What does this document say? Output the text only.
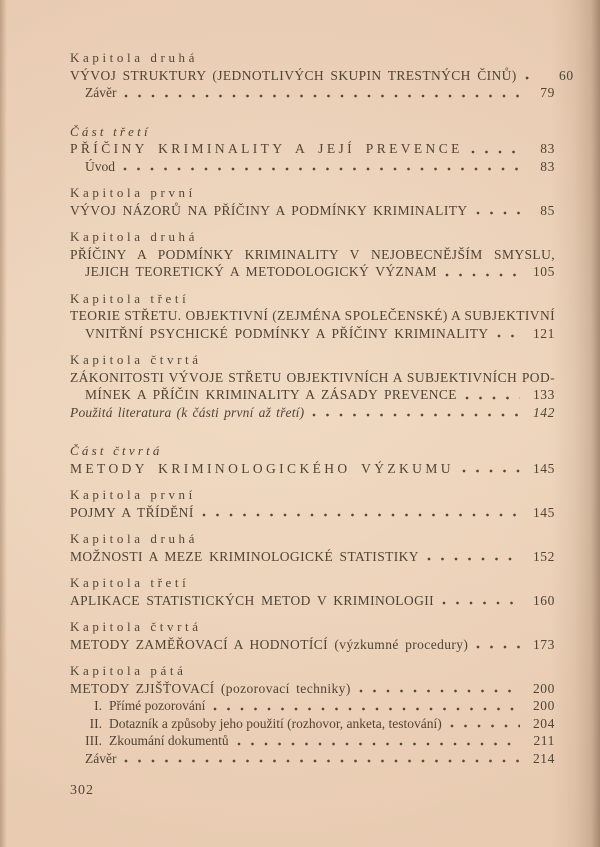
Kapitola druhá
VÝVOJ STRUKTURY (JEDNOTLIVÝCH SKUPIN TRESTNÝCH ČINŮ)	60
Závěr	79
Část třetí
PŘÍČINY KRIMINALITY A JEJÍ PREVENCE	83
Úvod	83
Kapitola první
VÝVOJ NÁZORŮ NA PŘÍČINY A PODMÍNKY KRIMINALITY	85
Kapitola druhá
PŘÍČINY A PODMÍNKY KRIMINALITY V NEJOBECNĚJŠÍM SMYSLU,
JEJICH TEORETICKÝ A METODOLOGICKÝ VÝZNAM	105
Kapitola třetí
TEORIE STŘETU. OBJEKTIVNÍ (ZEJMÉNA SPOLEČENSKÉ) A SUBJEKTIVNÍ
VNITŘNÍ PSYCHICKÉ PODMÍNKY A PŘÍČINY KRIMINALITY	121
Kapitola čtvrtá
ZÁKONITOSTI VÝVOJE STŘETU OBJEKTIVNÍCH A SUBJEKTIVNÍCH POD-
MÍNEK A PŘÍČIN KRIMINALITY A ZÁSADY PREVENCE	133
Použitá literatura (k části první až třetí)	142
Část čtvrtá
METODY KRIMINOLOGICKÉHO VÝZKUMU	145
Kapitola první
POJMY A TŘÍDĚNÍ	145
Kapitola druhá
MOŽNOSTI A MEZE KRIMINOLOGICKÉ STATISTIKY	152
Kapitola třetí
APLIKACE STATISTICKÝCH METOD V KRIMINOLOGII	160
Kapitola čtvrtá
METODY ZAMĚŘOVACÍ A HODNOTÍCÍ (výzkumné procedury)	173
Kapitola pátá
METODY ZJIŠŤOVACÍ (pozorovací techniky)	200
I. Přímé pozorování	200
II. Dotazník a způsoby jeho použití (rozhovor, anketa, testování)	204
III. Zkoumání dokumentů	211
Závěr	214
302
